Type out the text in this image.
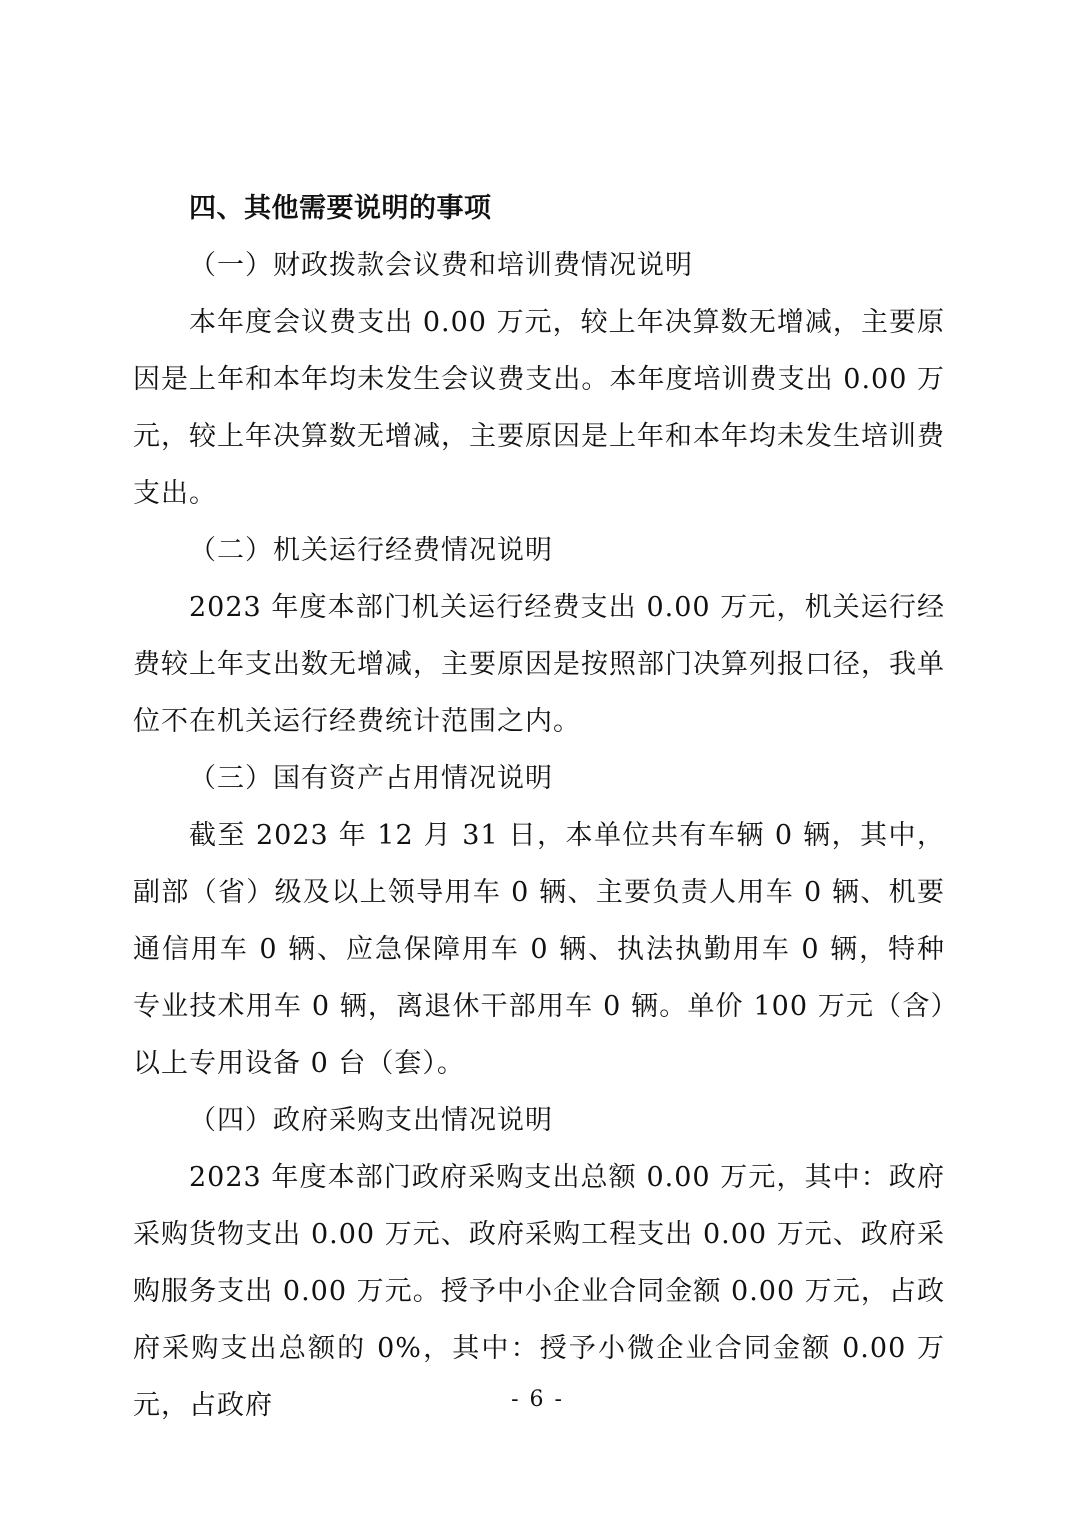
四、其他需要说明的事项

（一）财政拨款会议费和培训费情况说明

本年度会议费支出 0.00 万元，较上年决算数无增减，主要原因是上年和本年均未发生会议费支出。本年度培训费支出 0.00 万元，较上年决算数无增减，主要原因是上年和本年均未发生培训费支出。

（二）机关运行经费情况说明

2023 年度本部门机关运行经费支出 0.00 万元，机关运行经费较上年支出数无增减，主要原因是按照部门决算列报口径，我单位不在机关运行经费统计范围之内。

（三）国有资产占用情况说明

截至 2023 年 12 月 31 日，本单位共有车辆 0 辆，其中，副部（省）级及以上领导用车 0 辆、主要负责人用车 0 辆、机要通信用车 0 辆、应急保障用车 0 辆、执法执勤用车 0 辆，特种专业技术用车 0 辆，离退休干部用车 0 辆。单价 100 万元（含）以上专用设备 0 台（套）。

（四）政府采购支出情况说明

2023 年度本部门政府采购支出总额 0.00 万元，其中：政府采购货物支出 0.00 万元、政府采购工程支出 0.00 万元、政府采购服务支出 0.00 万元。授予中小企业合同金额 0.00 万元，占政府采购支出总额的 0%，其中：授予小微企业合同金额 0.00 万元，占政府	- 6 -
